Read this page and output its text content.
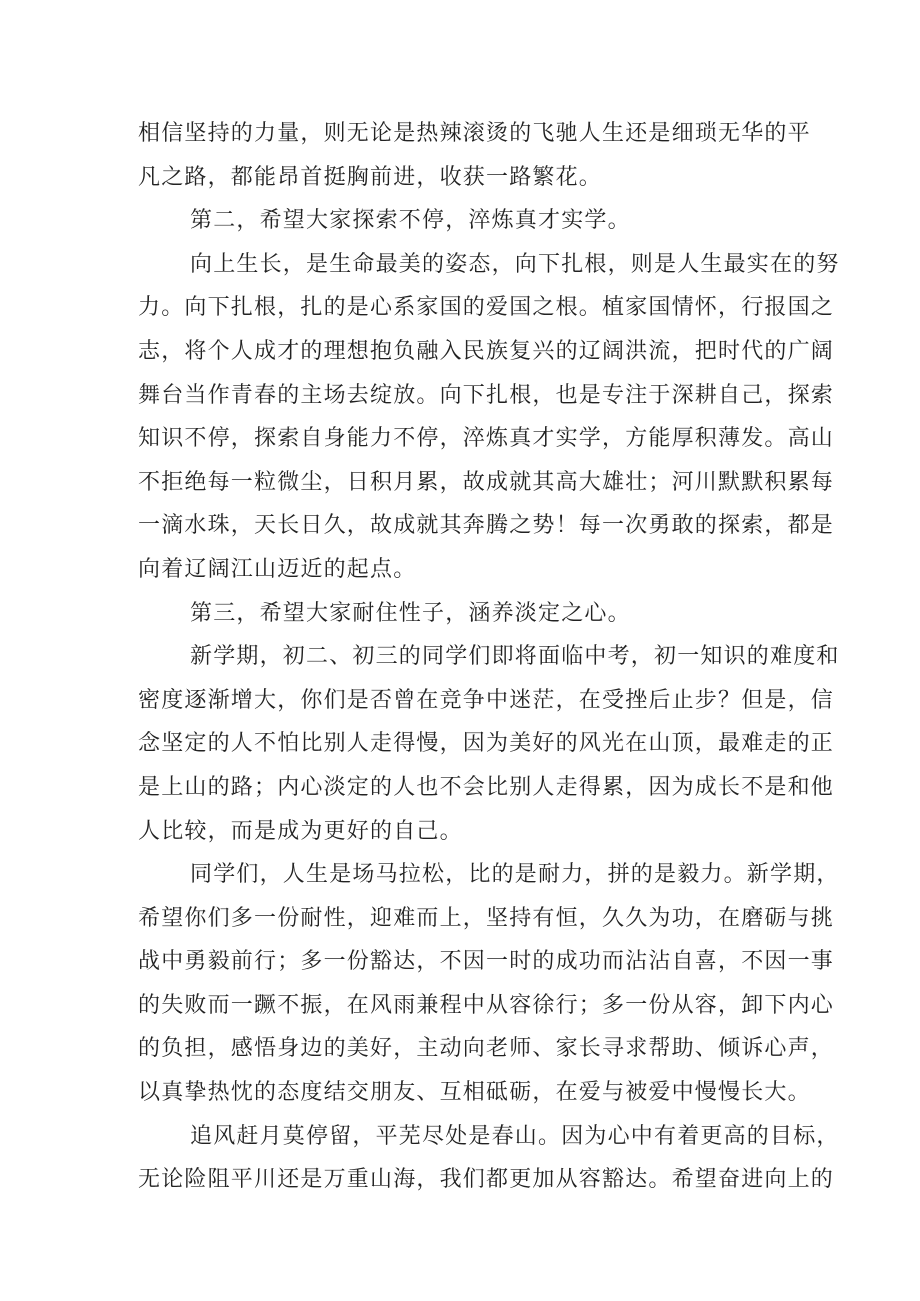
相信坚持的力量，则无论是热辣滚烫的飞驰人生还是细琐无华的平
凡之路，都能昂首挺胸前进，收获一路繁花。
第二，希望大家探索不停，淬炼真才实学。
向上生长，是生命最美的姿态，向下扎根，则是人生最实在的努
力。向下扎根，扎的是心系家国的爱国之根。植家国情怀，行报国之
志，将个人成才的理想抱负融入民族复兴的辽阔洪流，把时代的广阔
舞台当作青春的主场去绽放。向下扎根，也是专注于深耕自己，探索
知识不停，探索自身能力不停，淬炼真才实学，方能厚积薄发。高山
不拒绝每一粒微尘，日积月累，故成就其高大雄壮；河川默默积累每
一滴水珠，天长日久，故成就其奔腾之势！每一次勇敢的探索，都是
向着辽阔江山迈近的起点。
第三，希望大家耐住性子，涵养淡定之心。
新学期，初二、初三的同学们即将面临中考，初一知识的难度和
密度逐渐增大，你们是否曾在竞争中迷茫，在受挫后止步？但是，信
念坚定的人不怕比别人走得慢，因为美好的风光在山顶，最难走的正
是上山的路；内心淡定的人也不会比别人走得累，因为成长不是和他
人比较，而是成为更好的自己。
同学们，人生是场马拉松，比的是耐力，拼的是毅力。新学期，
希望你们多一份耐性，迎难而上，坚持有恒，久久为功，在磨砺与挑
战中勇毅前行；多一份豁达，不因一时的成功而沾沾自喜，不因一事
的失败而一蹶不振，在风雨兼程中从容徐行；多一份从容，卸下内心
的负担，感悟身边的美好，主动向老师、家长寻求帮助、倾诉心声，
以真挚热忱的态度结交朋友、互相砥砺，在爱与被爱中慢慢长大。
追风赶月莫停留，平芜尽处是春山。因为心中有着更高的目标，
无论险阻平川还是万重山海，我们都更加从容豁达。希望奋进向上的
